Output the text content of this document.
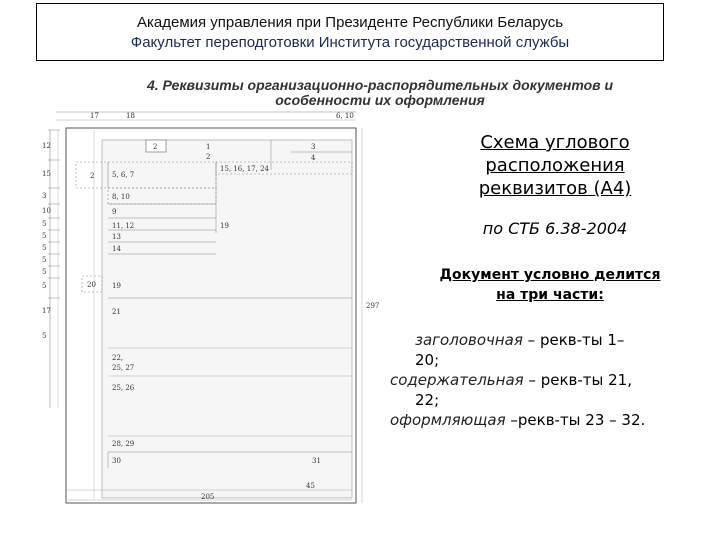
Академия управления при Президенте Республики Беларусь
Факультет переподготовки Института государственной службы
4. Реквизиты организационно-распорядительных документов и
особенности их оформления
17	18	6, 10
12
15
3
10
5
5
5
5
5
5
17
5
2	1
2
3
4
2	5, 6, 7
15, 16, 17, 24
8, 10
9
11, 12
13
14
19
20 19
21
22,
25, 27
25, 26
28, 29
30	31
297
45
205
Схема углового
расположения
реквизитов (А4)
по СТБ 6.38-2004
Документ условно делится
на три части:
заголовочная – рекв-ты 1–
20;
содержательная – рекв-ты 21,
22;
оформляющая –рекв-ты 23 – 32.
